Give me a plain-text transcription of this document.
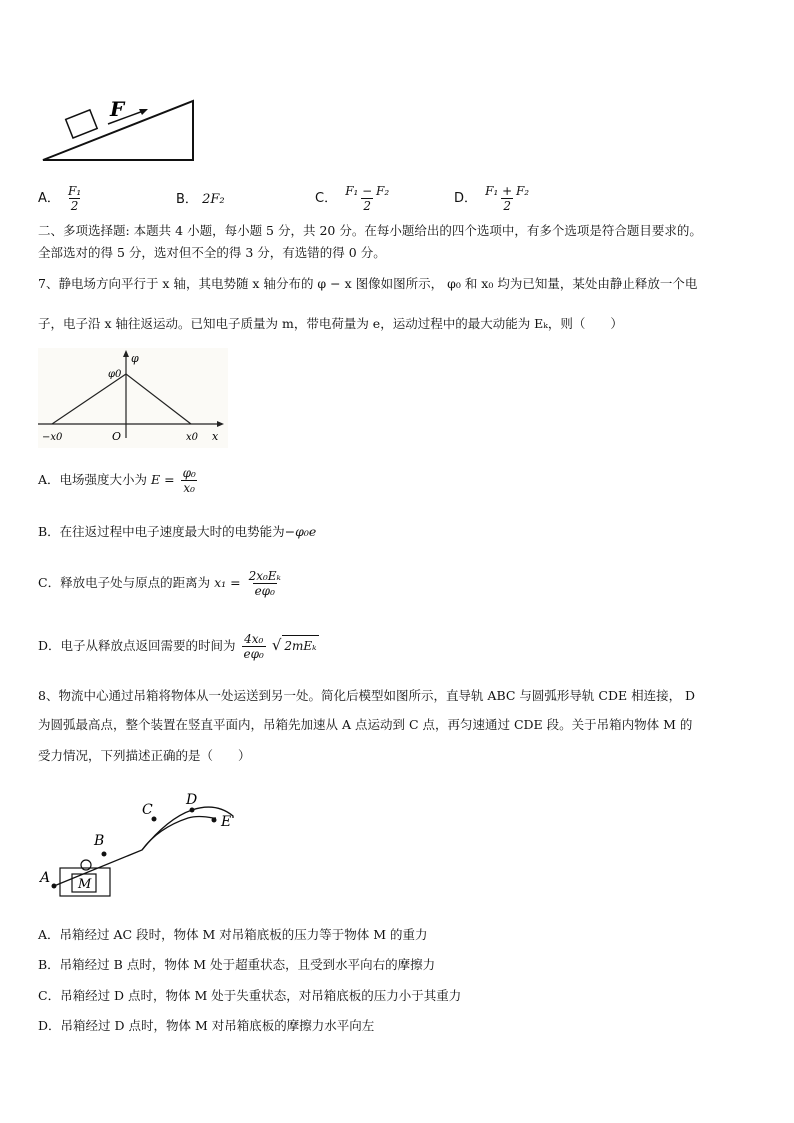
F
A． $\frac{\text{F₁}}{2}$	B． 2F₂	C． $\frac{\text{F₁ − F₂}}{2}$	D． $\frac{\text{F₁ + F₂}}{2}$
二、多项选择题: 本题共 4 小题，每小题 5 分，共 20 分。在每小题给出的四个选项中，有多个选项是符合题目要求的。
全部选对的得 5 分，选对但不全的得 3 分，有选错的得 0 分。
7、静电场方向平行于 x 轴，其电势随 x 轴分布的 φ − x 图像如图所示， φ₀ 和 x₀ 均为已知量，某处由静止释放一个电
子，电子沿 x 轴往返运动。已知电子质量为 m，带电荷量为 e，运动过程中的最大动能为 Eₖ，则（　　）
φ
φ0
−x0	O	x0 x
A．电场强度大小为 $E = \frac{\text{φ₀}}{\text{x₀}}$
B．在往返过程中电子速度最大时的电势能为−φ₀e
C．释放电子处与原点的距离为 $x_1 = \frac{\text{2x₀Eₖ}}{\text{eφ₀}}$
D．电子从释放点返回需要的时间为 $\frac{\text{4x₀}}{\text{eφ₀}}$ √ 2mEₖ
8、物流中心通过吊箱将物体从一处运送到另一处。简化后模型如图所示，直导轨 ABC 与圆弧形导轨 CDE 相连接， D
为圆弧最高点，整个装置在竖直平面内，吊箱先加速从 A 点运动到 C 点，再匀速通过 CDE 段。关于吊箱内物体 M 的
受力情况，下列描述正确的是（　　）
A
B
C
D
E
M
A．吊箱经过 AC 段时，物体 M 对吊箱底板的压力等于物体 M 的重力
B．吊箱经过 B 点时，物体 M 处于超重状态，且受到水平向右的摩擦力
C．吊箱经过 D 点时，物体 M 处于失重状态，对吊箱底板的压力小于其重力
D．吊箱经过 D 点时，物体 M 对吊箱底板的摩擦力水平向左
